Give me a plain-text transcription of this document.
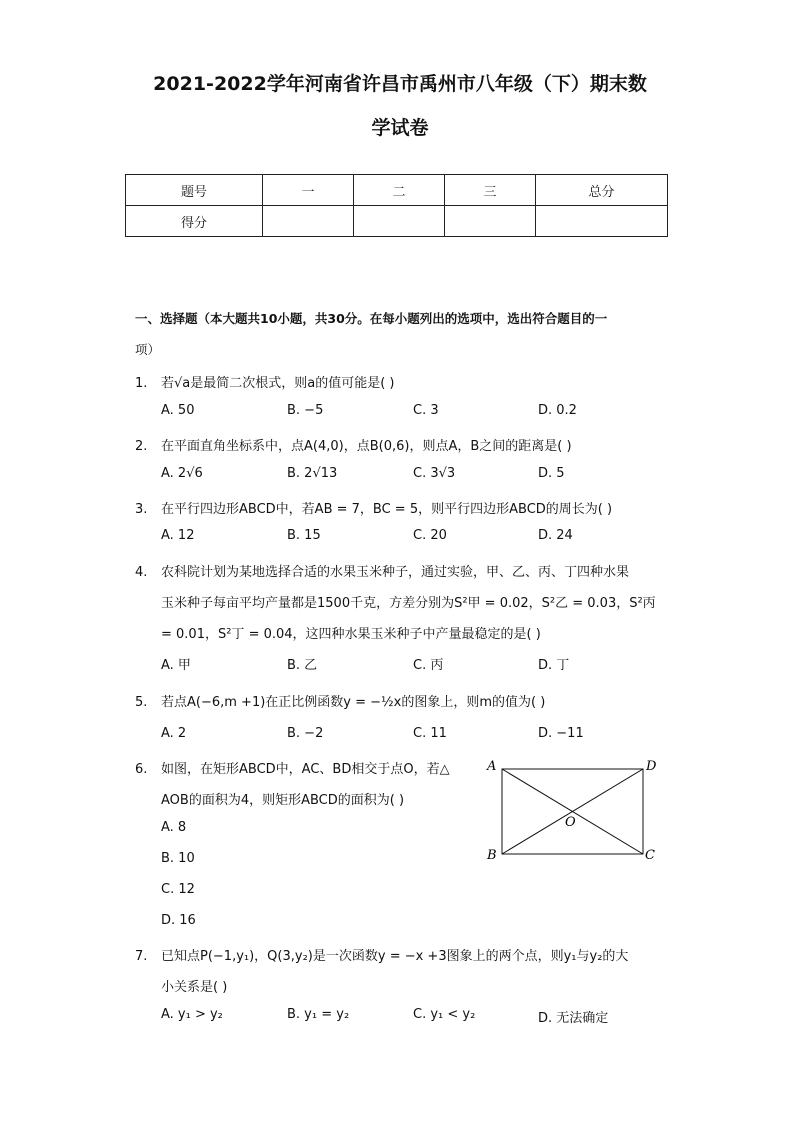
2021-2022学年河南省许昌市禹州市八年级（下）期末数
学试卷
题号	一	二	三	总分
得分				
一、选择题（本大题共10小题，共30分。在每小题列出的选项中，选出符合题目的一
项）
1. 若√a是最简二次根式，则a的值可能是( )
A. 50	B. −5	C. 3	D. 0.2
2. 在平面直角坐标系中，点A(4,0)，点B(0,6)，则点A，B之间的距离是( )
A. 2√6	B. 2√13	C. 3√3	D. 5
3. 在平行四边形ABCD中，若AB = 7，BC = 5，则平行四边形ABCD的周长为( )
A. 12	B. 15	C. 20	D. 24
4. 农科院计划为某地选择合适的水果玉米种子，通过实验，甲、乙、丙、丁四种水果
玉米种子每亩平均产量都是1500千克，方差分别为S²甲 = 0.02，S²乙 = 0.03，S²丙
= 0.01，S²丁 = 0.04，这四种水果玉米种子中产量最稳定的是( )
A. 甲	B. 乙	C. 丙	D. 丁
5. 若点A(−6,m +1)在正比例函数y = −½x的图象上，则m的值为( )
A. 2	B. −2	C. 11	D. −11
6. 如图，在矩形ABCD中，AC、BD相交于点O，若△
AOB的面积为4，则矩形ABCD的面积为( )
A. 8
B. 10
C. 12
D. 16
A	D
B	C
O
7. 已知点P(−1,y₁)，Q(3,y₂)是一次函数y = −x +3图象上的两个点，则y₁与y₂的大
小关系是( )
A. y₁ > y₂	B. y₁ = y₂	C. y₁ < y₂	D. 无法确定
